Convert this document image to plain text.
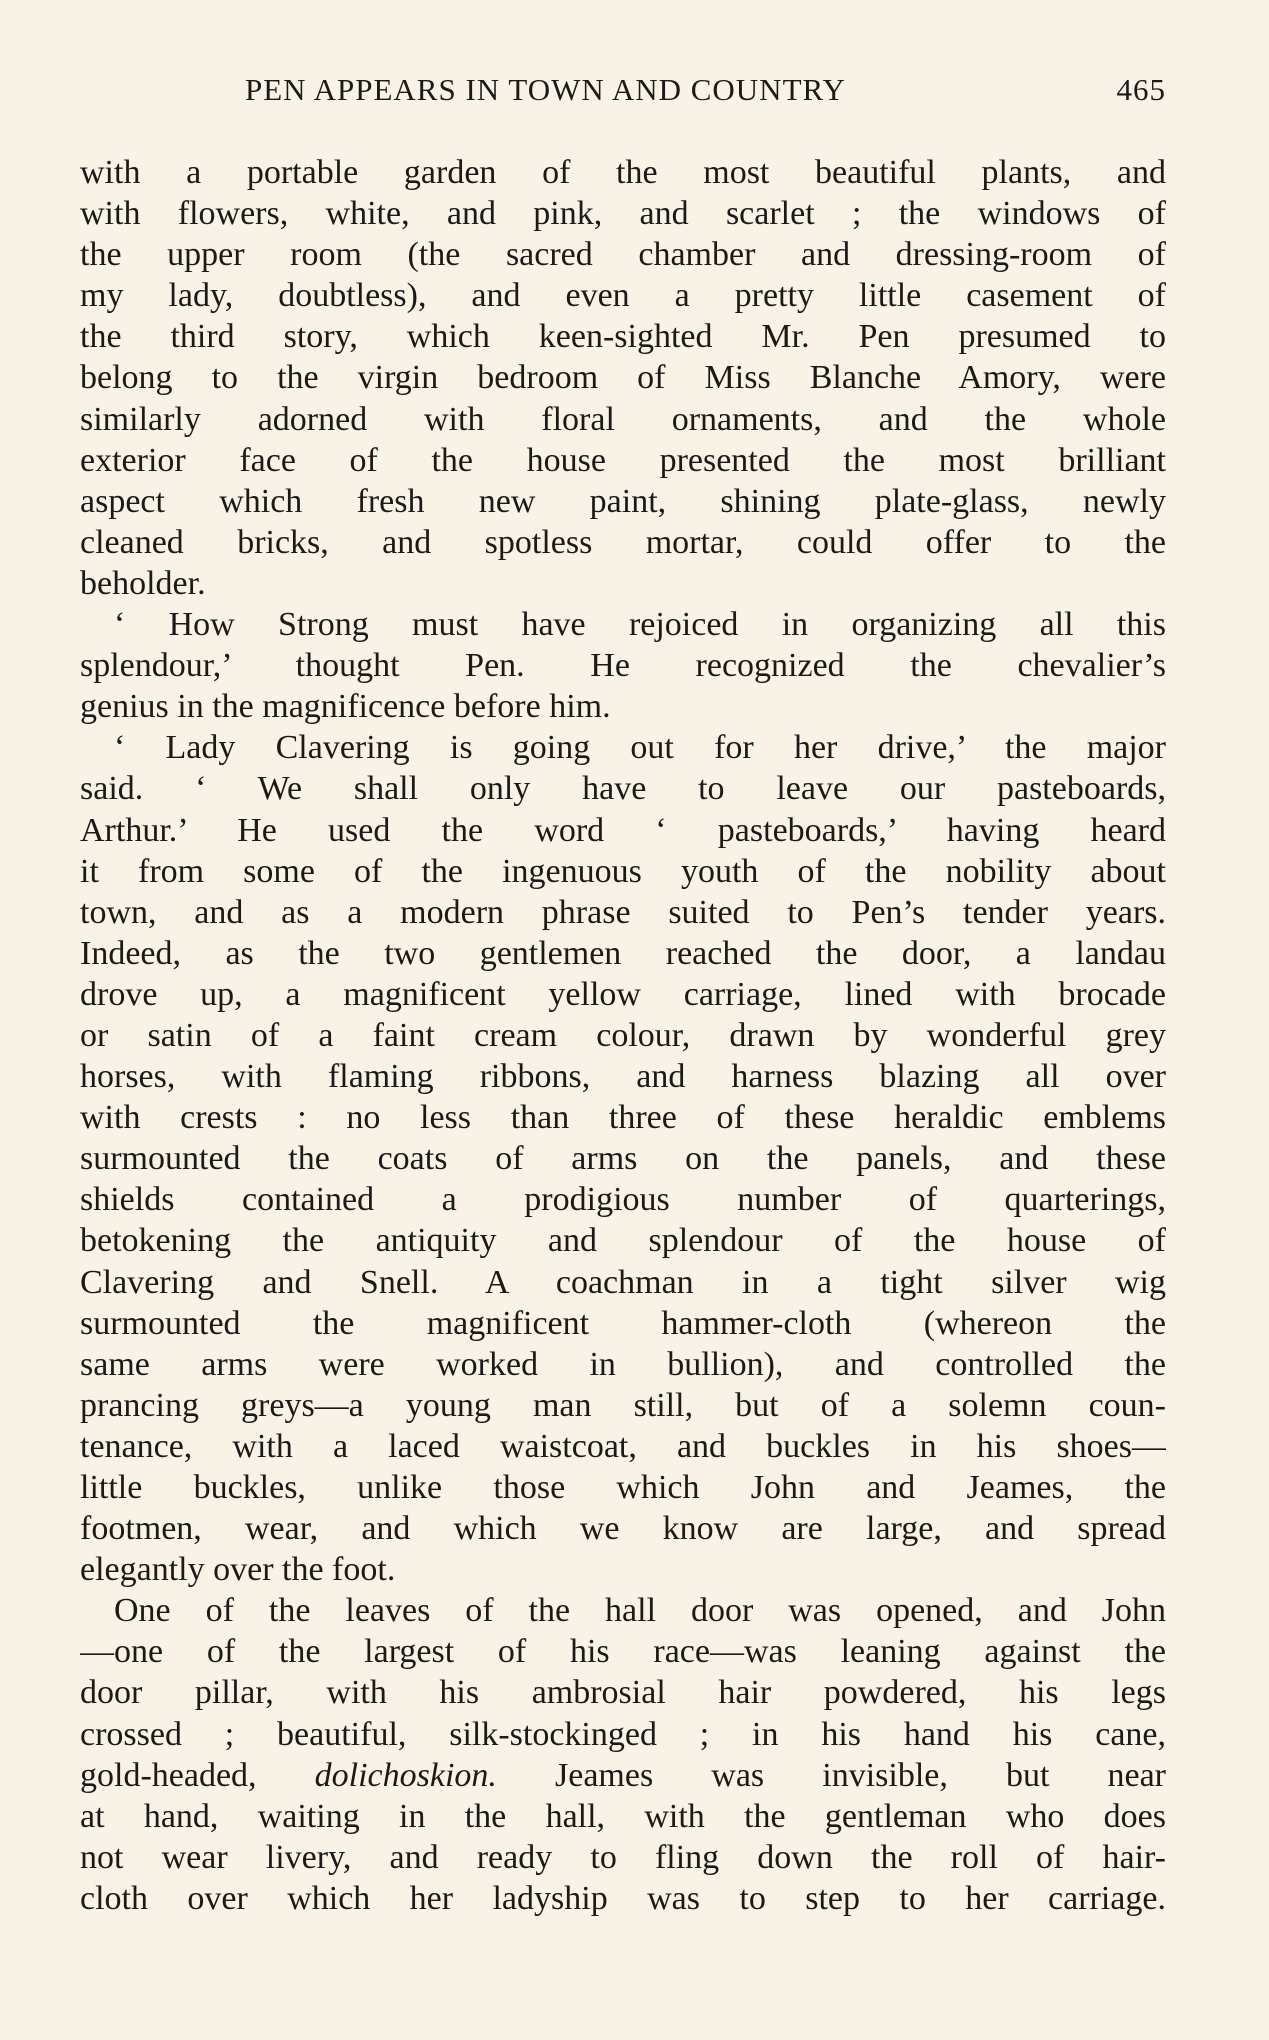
PEN APPEARS IN TOWN AND COUNTRY	465
with a portable garden of the most beautiful plants, and
with flowers, white, and pink, and scarlet ; the windows of
the upper room (the sacred chamber and dressing-room of
my lady, doubtless), and even a pretty little casement of
the third story, which keen-sighted Mr. Pen presumed to
belong to the virgin bedroom of Miss Blanche Amory, were
similarly adorned with floral ornaments, and the whole
exterior face of the house presented the most brilliant
aspect which fresh new paint, shining plate-glass, newly
cleaned bricks, and spotless mortar, could offer to the
beholder.
‘ How Strong must have rejoiced in organizing all this
splendour,’ thought Pen. He recognized the chevalier’s
genius in the magnificence before him.
‘ Lady Clavering is going out for her drive,’ the major
said. ‘ We shall only have to leave our pasteboards,
Arthur.’ He used the word ‘ pasteboards,’ having heard
it from some of the ingenuous youth of the nobility about
town, and as a modern phrase suited to Pen’s tender years.
Indeed, as the two gentlemen reached the door, a landau
drove up, a magnificent yellow carriage, lined with brocade
or satin of a faint cream colour, drawn by wonderful grey
horses, with flaming ribbons, and harness blazing all over
with crests : no less than three of these heraldic emblems
surmounted the coats of arms on the panels, and these
shields contained a prodigious number of quarterings,
betokening the antiquity and splendour of the house of
Clavering and Snell. A coachman in a tight silver wig
surmounted the magnificent hammer-cloth (whereon the
same arms were worked in bullion), and controlled the
prancing greys—a young man still, but of a solemn coun-
tenance, with a laced waistcoat, and buckles in his shoes—
little buckles, unlike those which John and Jeames, the
footmen, wear, and which we know are large, and spread
elegantly over the foot.
One of the leaves of the hall door was opened, and John
—one of the largest of his race—was leaning against the
door pillar, with his ambrosial hair powdered, his legs
crossed ; beautiful, silk-stockinged ; in his hand his cane,
gold-headed, dolichoskion. Jeames was invisible, but near
at hand, waiting in the hall, with the gentleman who does
not wear livery, and ready to fling down the roll of hair-
cloth over which her ladyship was to step to her carriage.
